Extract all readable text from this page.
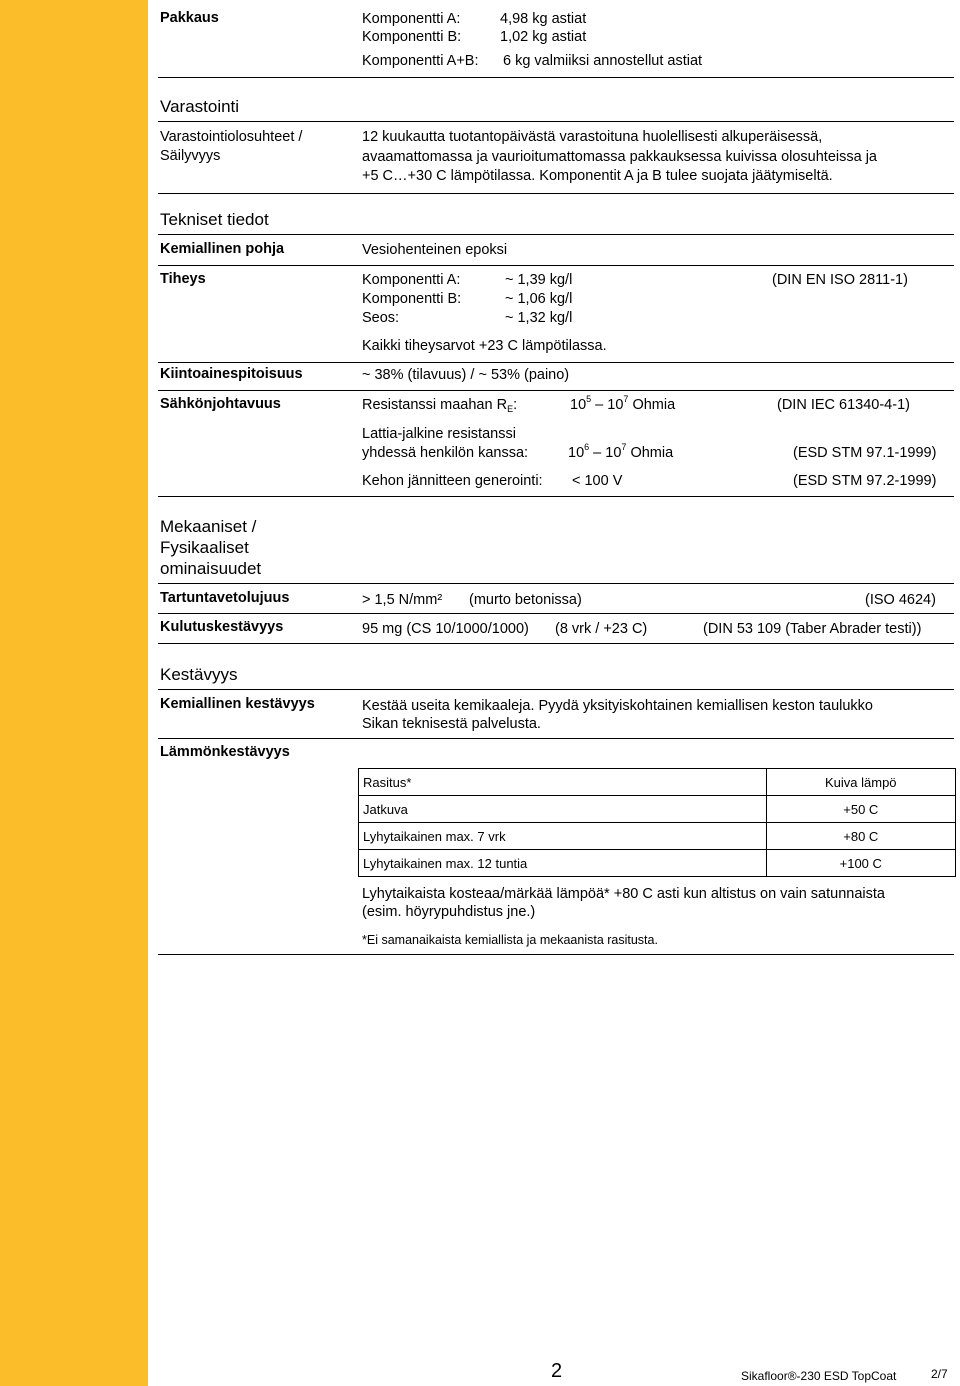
Pakkaus	Komponentti A:	4,98 kg astiat
Komponentti B:	1,02 kg astiat
Komponentti A+B: 6 kg valmiiksi annostellut astiat
Varastointi
Varastointiolosuhteet /
Säilyvyys
12 kuukautta tuotantopäivästä varastoituna huolellisesti alkuperäisessä,
avaamattomassa ja vaurioitumattomassa pakkauksessa kuivissa olosuhteissa ja
+5 C…+30 C lämpötilassa. Komponentit A ja B tulee suojata jäätymiseltä.
Tekniset tiedot
Kemiallinen pohja	Vesiohenteinen epoksi
Tiheys	Komponentti A:	~ 1,39 kg/l	(DIN EN ISO 2811-1)
Komponentti B:	~ 1,06 kg/l
Seos:	~ 1,32 kg/l
Kaikki tiheysarvot +23 C lämpötilassa.
Kiintoainespitoisuus	~ 38% (tilavuus) / ~ 53% (paino)
Sähkönjohtavuus	Resistanssi maahan $R_E$:	$10^5 - 10^7$ Ohmia	(DIN IEC 61340-4-1)
Lattia-jalkine resistanssi
yhdessä henkilön kanssa:	$10^6 - 10^7$ Ohmia	(ESD STM 97.1-1999)
Kehon jännitteen generointi: < 100 V	(ESD STM 97.2-1999)
Mekaaniset /
Fysikaaliset
ominaisuudet
Tartuntavetolujuus	> 1,5 N/mm² (murto betonissa)	(ISO 4624)
Kulutuskestävyys	95 mg (CS 10/1000/1000) (8 vrk / +23 C)	(DIN 53 109 (Taber Abrader testi))
Kestävyys
Kemiallinen kestävyys	Kestää useita kemikaaleja. Pyydä yksityiskohtainen kemiallisen keston taulukko
Sikan teknisestä palvelusta.
Lämmönkestävyys
Rasitus*	Kuiva lämpö
Jatkuva	+50 C
Lyhytaikainen max. 7 vrk	+80 C
Lyhytaikainen max. 12 tuntia	+100 C
Lyhytaikaista kosteaa/märkää lämpöä* +80 C asti kun altistus on vain satunnaista
(esim. höyrypuhdistus jne.)
*Ei samanaikaista kemiallista ja mekaanista rasitusta.
2	Sikafloor®-230 ESD TopCoat	2/7
